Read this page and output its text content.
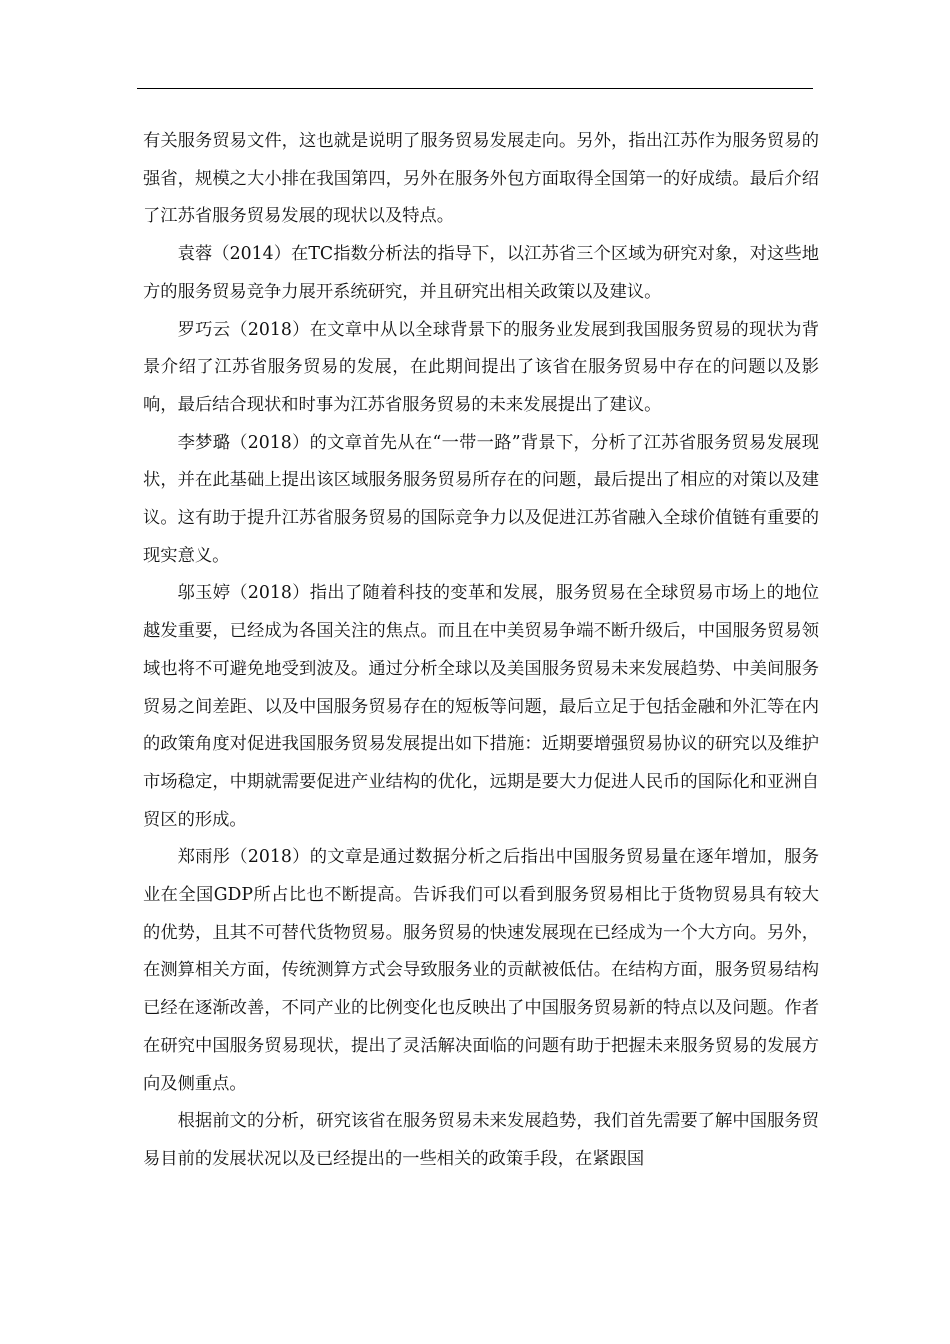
有关服务贸易文件，这也就是说明了服务贸易发展走向。另外，指出江苏作为服务贸易的强省，规模之大小排在我国第四，另外在服务外包方面取得全国第一的好成绩。最后介绍了江苏省服务贸易发展的现状以及特点。

袁蓉（2014）在TC指数分析法的指导下，以江苏省三个区域为研究对象，对这些地方的服务贸易竞争力展开系统研究，并且研究出相关政策以及建议。

罗巧云（2018）在文章中从以全球背景下的服务业发展到我国服务贸易的现状为背景介绍了江苏省服务贸易的发展，在此期间提出了该省在服务贸易中存在的问题以及影响，最后结合现状和时事为江苏省服务贸易的未来发展提出了建议。

李梦璐（2018）的文章首先从在“一带一路”背景下，分析了江苏省服务贸易发展现状，并在此基础上提出该区域服务服务贸易所存在的问题，最后提出了相应的对策以及建议。这有助于提升江苏省服务贸易的国际竞争力以及促进江苏省融入全球价值链有重要的现实意义。

邬玉婷（2018）指出了随着科技的变革和发展，服务贸易在全球贸易市场上的地位越发重要，已经成为各国关注的焦点。而且在中美贸易争端不断升级后，中国服务贸易领域也将不可避免地受到波及。通过分析全球以及美国服务贸易未来发展趋势、中美间服务贸易之间差距、以及中国服务贸易存在的短板等问题，最后立足于包括金融和外汇等在内的政策角度对促进我国服务贸易发展提出如下措施：近期要增强贸易协议的研究以及维护市场稳定，中期就需要促进产业结构的优化，远期是要大力促进人民币的国际化和亚洲自贸区的形成。

郑雨彤（2018）的文章是通过数据分析之后指出中国服务贸易量在逐年增加，服务业在全国GDP所占比也不断提高。告诉我们可以看到服务贸易相比于货物贸易具有较大的优势，且其不可替代货物贸易。服务贸易的快速发展现在已经成为一个大方向。另外，在测算相关方面，传统测算方式会导致服务业的贡献被低估。在结构方面，服务贸易结构已经在逐渐改善，不同产业的比例变化也反映出了中国服务贸易新的特点以及问题。作者在研究中国服务贸易现状，提出了灵活解决面临的问题有助于把握未来服务贸易的发展方向及侧重点。

根据前文的分析，研究该省在服务贸易未来发展趋势，我们首先需要了解中国服务贸易目前的发展状况以及已经提出的一些相关的政策手段，在紧跟国
